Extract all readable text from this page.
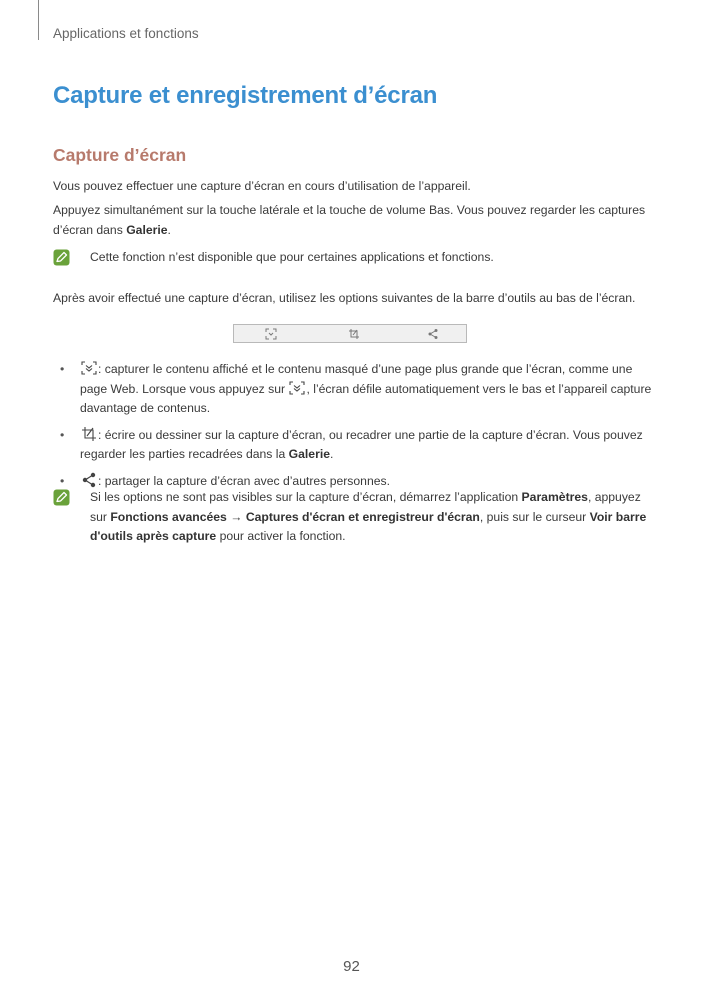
Applications et fonctions
Capture et enregistrement d’écran
Capture d’écran

Vous pouvez effectuer une capture d’écran en cours d’utilisation de l’appareil.

Appuyez simultanément sur la touche latérale et la touche de volume Bas. Vous pouvez regarder les captures d’écran dans Galerie.

Cette fonction n’est disponible que pour certaines applications et fonctions.

Après avoir effectué une capture d’écran, utilisez les options suivantes de la barre d’outils au bas de l’écran.

•	: capturer le contenu affiché et le contenu masqué d’une page plus grande que l’écran, comme une page Web. Lorsque vous appuyez sur , l’écran défile automatiquement vers le bas et l’appareil capture davantage de contenus.
•	: écrire ou dessiner sur la capture d’écran, ou recadrer une partie de la capture d’écran. Vous pouvez regarder les parties recadrées dans la Galerie.
•	: partager la capture d’écran avec d’autres personnes.
Si les options ne sont pas visibles sur la capture d’écran, démarrez l’application Paramètres, appuyez sur Fonctions avancées → Captures d'écran et enregistreur d'écran, puis sur le curseur Voir barre d'outils après capture pour activer la fonction.
92
